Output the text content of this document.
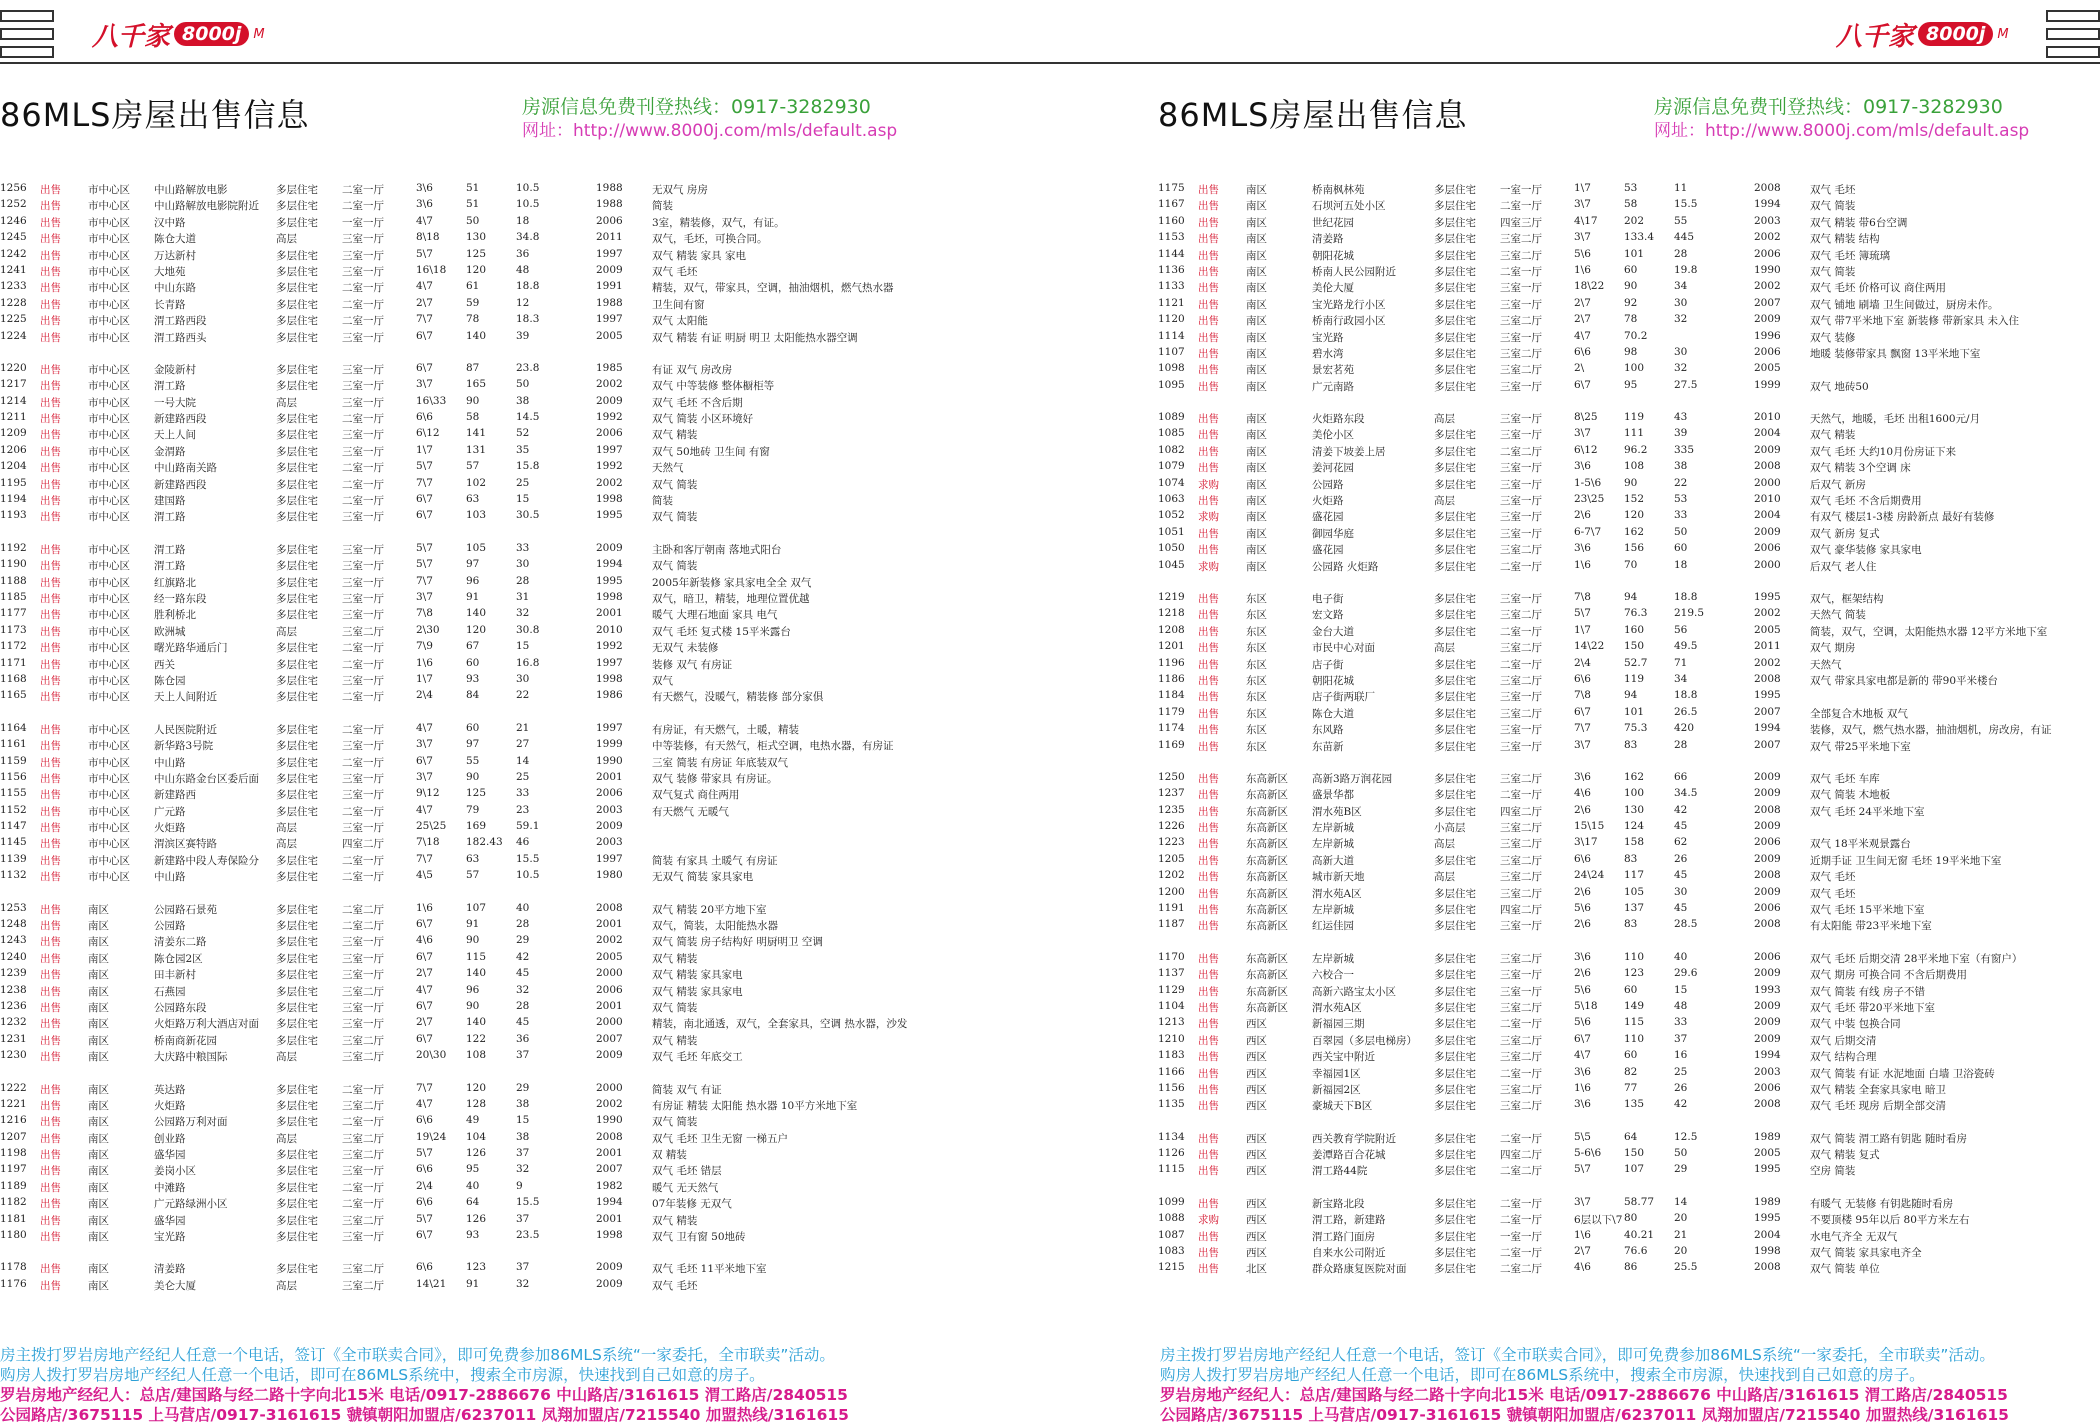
八千家 8000j M	八千家 8000j M
86MLS房屋出售信息	房源信息免费刊登热线：0917-3282930
网址：http://www.8000j.com/mls/default.asp
1256 出售	市中心区 中山路解放电影	多层住宅 二室一厅	3\6	51	10.5	1988	无双气 房房
1252 出售	市中心区 中山路解放电影院附近 多层住宅 二室一厅	3\6	51	10.5	1988	简装
1246 出售	市中心区 汉中路	多层住宅 一室一厅	4\7	50	18	2006	3室，精装修，双气，有证。
1245 出售	市中心区 陈仓大道	高层	三室一厅	8\18	130	34.8	2011	双气，毛坯，可换合同。
1242 出售	市中心区 万达新村	多层住宅 三室一厅	5\7	125	36	1997	双气 精装 家具 家电
1241 出售	市中心区 大地苑	多层住宅 三室一厅	16\18 120	48	2009	双气 毛坯
1233 出售	市中心区 中山东路	多层住宅 二室一厅	4\7	61	18.8	1991	精装，双气，带家具，空调，抽油烟机，燃气热水器
1228 出售	市中心区 长青路	多层住宅 二室一厅	2\7	59	12	1988	卫生间有窗
1225 出售	市中心区 渭工路西段	多层住宅 二室一厅	7\7	78	18.3	1997	双气 太阳能
1224 出售	市中心区 渭工路西头	多层住宅 三室一厅	6\7	140	39	2005	双气 精装 有证 明厨 明卫 太阳能热水器空调
1220 出售	市中心区 金陵新村	多层住宅 三室一厅	6\7	87	23.8	1985	有证 双气 房改房
1217 出售	市中心区 渭工路	多层住宅 三室一厅	3\7	165	50	2002	双气 中等装修 整体橱柜等
1214 出售	市中心区 一号大院	高层	三室一厅	16\33 90	38	2009	双气 毛坯 不含后期
1211 出售	市中心区 新建路西段	多层住宅 二室一厅	6\6	58	14.5	1992	双气 简装 小区环境好
1209 出售	市中心区 天上人间	多层住宅 三室一厅	6\12	141	52	2006	双气 精装
1206 出售	市中心区 金渭路	多层住宅 三室一厅	1\7	131	35	1997	双气 50地砖 卫生间 有窗
1204 出售	市中心区 中山路南关路	多层住宅 二室一厅	5\7	57	15.8	1992	天然气
1195 出售	市中心区 新建路西段	多层住宅 二室一厅	7\7	102	25	2002	双气 简装
1194 出售	市中心区 建国路	多层住宅 二室一厅	6\7	63	15	1998	简装
1193 出售	市中心区 渭工路	多层住宅 三室一厅	6\7	103	30.5	1995	双气 简装
1192 出售	市中心区 渭工路	多层住宅 三室一厅	5\7	105	33	2009	主卧和客厅朝南 落地式阳台
1190 出售	市中心区 渭工路	多层住宅 三室一厅	5\7	97	30	1994	双气 简装
1188 出售	市中心区 红旗路北	多层住宅 三室一厅	7\7	96	28	1995	2005年新装修 家具家电全全 双气
1185 出售	市中心区 经一路东段	多层住宅 三室一厅	3\7	91	31	1998	双气，暗卫，精装，地理位置优越
1177 出售	市中心区 胜利桥北	多层住宅 三室一厅	7\8	140	32	2001	暖气 大理石地面 家具 电气
1173 出售	市中心区 欧洲城	高层	三室二厅	2\30	120	30.8	2010	双气 毛坯 复式楼 15平米露台
1172 出售	市中心区 曙光路华通后门	多层住宅 二室一厅	7\9	67	15	1992	无双气 未装修
1171 出售	市中心区 西关	多层住宅 二室一厅	1\6	60	16.8	1997	装修 双气 有房证
1168 出售	市中心区 陈仓园	多层住宅 三室一厅	1\7	93	30	1998	双气
1165 出售	市中心区 天上人间附近	多层住宅 二室一厅	2\4	84	22	1986	有天燃气，没暖气，精装修 部分家俱
1164 出售	市中心区 人民医院附近	多层住宅 二室一厅	4\7	60	21	1997	有房证，有天燃气，土暖，精装
1161 出售	市中心区 新华路3号院	多层住宅 三室一厅	3\7	97	27	1999	中等装修，有天然气，柜式空调，电热水器，有房证
1159 出售	市中心区 中山路	多层住宅 二室一厅	6\7	55	14	1990	三室 简装 有房证 年底装双气
1156 出售	市中心区 中山东路金台区委后面 多层住宅 三室一厅	3\7	90	25	2001	双气 装修 带家具 有房证。
1155 出售	市中心区 新建路西	多层住宅 三室一厅	9\12	125	33	2006	双气复式 商住两用
1152 出售	市中心区 广元路	多层住宅 二室一厅	4\7	79	23	2003	有天燃气 无暖气
1147 出售	市中心区 火炬路	高层	三室一厅	25\25 169	59.1	2009
1145 出售	市中心区 渭滨区赛特路	高层	四室二厅	7\18	182.43 46	2003
1139 出售	市中心区 新建路中段人寿保险分 多层住宅 二室一厅	7\7	63	15.5	1997	简装 有家具 土暖气 有房证
1132 出售	市中心区 中山路	多层住宅 二室一厅	4\5	57	10.5	1980	无双气 简装 家具家电
1253 出售	南区	公园路石景苑	多层住宅 二室二厅	1\6	107	40	2008	双气 精装 20平方地下室
1248 出售	南区	公园路	多层住宅 二室二厅	6\7	91	28	2001	双气，简装，太阳能热水器
1243 出售	南区	清姜东二路	多层住宅 三室一厅	4\6	90	29	2002	双气 简装 房子结构好 明厨明卫 空调
1240 出售	南区	陈仓园2区	多层住宅 三室一厅	6\7	115	42	2005	双气 精装
1239 出售	南区	田丰新村	多层住宅 三室一厅	2\7	140	45	2000	双气 精装 家具家电
1238 出售	南区	石燕园	多层住宅 三室二厅	4\7	96	32	2006	双气 精装 家具家电
1236 出售	南区	公园路东段	多层住宅 三室一厅	6\7	90	28	2001	双气 简装
1232 出售	南区	火炬路万利大酒店对面 多层住宅 三室一厅	2\7	140	45	2000	精装，南北通透，双气，全套家具，空调 热水器，沙发
1231 出售	南区	桥南商新花园	多层住宅 三室二厅	6\7	122	36	2007	双气 精装
1230 出售	南区	大庆路中粮国际	高层	三室二厅	20\30 108	37	2009	双气 毛坯 年底交工
1222 出售	南区	英达路	多层住宅 二室一厅	7\7	120	29	2000	简装 双气 有证
1221 出售	南区	火炬路	多层住宅 三室二厅	4\7	128	38	2002	有房证 精装 太阳能 热水器 10平方米地下室
1216 出售	南区	公园路万利对面	多层住宅 二室一厅	6\6	49	15	1990	双气 简装
1207 出售	南区	创业路	高层	三室二厅	19\24 104	38	2008	双气 毛坯 卫生无窗 一梯五户
1198 出售	南区	盛华园	多层住宅 三室二厅	5\7	126	37	2001	双 精装
1197 出售	南区	姜岗小区	多层住宅 三室一厅	6\6	95	32	2007	双气 毛坯 错层
1189 出售	南区	中滩路	多层住宅 二室一厅	2\4	40	9	1982	暖气 无天然气
1182 出售	南区	广元路绿洲小区	多层住宅 二室一厅	6\6	64	15.5	1994	07年装修 无双气
1181 出售	南区	盛华园	多层住宅 三室二厅	5\7	126	37	2001	双气 精装
1180 出售	南区	宝光路	多层住宅 三室一厅	6\7	93	23.5	1998	双气 卫有窗 50地砖
1178 出售	南区	清姜路	多层住宅 三室二厅	6\6	123	37	2009	双气 毛坯 11平米地下室
1176 出售	南区	美仑大厦	高层	三室二厅	14\21 91	32	2009	双气 毛坯
86MLS房屋出售信息	房源信息免费刊登热线：0917-3282930
网址：http://www.8000j.com/mls/default.asp
1175 出售	南区	桥南枫林苑	多层住宅 一室一厅	1\7	53	11	2008	双气 毛坯
1167 出售	南区	石坝河五处小区	多层住宅 二室一厅	3\7	58	15.5	1994	双气 简装
1160 出售	南区	世纪花园	多层住宅 四室三厅	4\17	202	55	2003	双气 精装 带6台空调
1153 出售	南区	清姜路	多层住宅 三室二厅	3\7	133.4 445	2002	双气 精装 结构
1144 出售	南区	朝阳花城	多层住宅 三室二厅	5\6	101	28	2006	双气 毛坯 簿琉璃
1136 出售	南区	桥南人民公园附近	多层住宅 二室一厅	1\6	60	19.8	1990	双气 简装
1133 出售	南区	美伦大厦	多层住宅 三室一厅	18\22 90	34	2002	双气 毛坯 价格可议 商住两用
1121 出售	南区	宝光路龙行小区	多层住宅 三室一厅	2\7	92	30	2007	双气 铺地 刷墙 卫生间做过，厨房未作。
1120 出售	南区	桥南行政园小区	多层住宅 三室二厅	2\7	78	32	2009	双气 带7平米地下室 新装修 带新家具 未入住
1114 出售	南区	宝光路	多层住宅 三室一厅	4\7	70.2	1996	双气 装修
1107 出售	南区	碧水湾	多层住宅 三室二厅	6\6	98	30	2006	地暖 装修带家具 飘窗 13平米地下室
1098 出售	南区	景宏茗苑	多层住宅 三室二厅	2\	100	32	2005
1095 出售	南区	广元南路	多层住宅 三室一厅	6\7	95	27.5	1999	双气 地砖50
1089 出售	南区	火炬路东段	高层	三室一厅	8\25	119	43	2010	天然气，地暖，毛坯 出租1600元/月
1085 出售	南区	美伦小区	多层住宅 三室一厅	3\7	111	39	2004	双气 精装
1082 出售	南区	清姜下坡姜上居	多层住宅 二室二厅	6\12	96.2	335	2009	双气 毛坯 大约10月份房证下来
1079 出售	南区	姜河花园	多层住宅 三室一厅	3\6	108	38	2008	双气 精装 3个空调 床
1074 求购	南区	公园路	多层住宅 三室一厅	1-5\6 90	22	2000	后双气 新房
1063 出售	南区	火炬路	高层	三室一厅	23\25 152	53	2010	双气 毛坯 不含后期费用
1052 求购	南区	盛花园	多层住宅 三室一厅	2\6	120	33	2004	有双气 楼层1-3楼 房龄新点 最好有装修
1051 出售	南区	御园华庭	多层住宅 三室一厅	6-7\7 162	50	2009	双气 新房 复式
1050 出售	南区	盛花园	多层住宅 三室二厅	3\6	156	60	2006	双气 豪华装修 家具家电
1045 求购	南区	公园路 火炬路	多层住宅 二室一厅	1\6	70	18	2000	后双气 老人住
1219 出售	东区	电子街	多层住宅 三室一厅	7\8	94	18.8	1995	双气，框架结构
1218 出售	东区	宏文路	多层住宅 三室二厅	5\7	76.3	219.5	2002	天然气 简装
1208 出售	东区	金台大道	多层住宅 二室一厅	1\7	160	56	2005	简装，双气，空调，太阳能热水器 12平方米地下室
1201 出售	东区	市民中心对面	高层	三室二厅	14\22 150	49.5	2011	双气 期房
1196 出售	东区	店子街	多层住宅 二室一厅	2\4	52.7	71	2002	天然气
1186 出售	东区	朝阳花城	多层住宅 三室二厅	6\6	119	34	2008	双气 带家具家电都是新的 带90平米楼台
1184 出售	东区	店子街两联厂	多层住宅 三室一厅	7\8	94	18.8	1995
1179 出售	东区	陈仓大道	多层住宅 三室二厅	6\7	101	26.5	2007	全部复合木地板 双气
1174 出售	东区	东风路	多层住宅 三室一厅	7\7	75.3	420	1994	装修，双气，燃气热水器，抽油烟机，房改房，有证
1169 出售	东区	东苗新	多层住宅 三室一厅	3\7	83	28	2007	双气 带25平米地下室
1250 出售	东高新区 高新3路万润花园	多层住宅 三室二厅	3\6	162	66	2009	双气 毛坯 车库
1237 出售	东高新区 盛景华都	多层住宅 二室一厅	4\6	100	34.5	2009	双气 简装 木地板
1235 出售	东高新区 渭水苑B区	多层住宅 四室二厅	2\6	130	42	2008	双气 毛坯 24平米地下室
1226 出售	东高新区 左岸新城	小高层	三室二厅	15\15 124	45	2009
1223 出售	东高新区 左岸新城	高层	三室二厅	3\17	158	62	2006	双气 18平米观景露台
1205 出售	东高新区 高新大道	多层住宅 三室二厅	6\6	83	26	2009	近期手证 卫生间无窗 毛坯 19平米地下室
1202 出售	东高新区 城市新天地	高层	三室二厅	24\24 117	45	2008	双气 毛坯
1200 出售	东高新区 渭水苑A区	多层住宅 三室二厅	2\6	105	30	2009	双气 毛坯
1191 出售	东高新区 左岸新城	多层住宅 四室二厅	5\6	137	45	2006	双气 毛坯 15平米地下室
1187 出售	东高新区 红运佳园	多层住宅 三室一厅	2\6	83	28.5	2008	有太阳能 带23平米地下室
1170 出售	东高新区 左岸新城	多层住宅 三室二厅	3\6	110	40	2006	双气 毛坯 后期交清 28平米地下室（有窗户）
1137 出售	东高新区 六校合一	多层住宅 三室一厅	2\6	123	29.6	2009	双气 期房 可换合同 不含后期费用
1129 出售	东高新区 高新六路宝太小区	多层住宅 三室一厅	5\6	60	15	1993	双气 简装 有线 房子不错
1104 出售	东高新区 渭水苑A区	多层住宅 三室二厅	5\18	149	48	2009	双气 毛坯 带20平米地下室
1213 出售	西区	新福园三期	多层住宅 二室一厅	5\6	115	33	2009	双气 中装 包换合同
1210 出售	西区	百翠园（多层电梯房） 多层住宅 三室二厅	6\7	110	37	2009	双气 后期交清
1183 出售	西区	西关宝中附近	多层住宅 三室二厅	4\7	60	16	1994	双气 结构合理
1166 出售	西区	幸福园1区	多层住宅 二室一厅	3\6	82	25	2003	双气 简装 有证 水泥地面 白墙 卫浴瓷砖
1156 出售	西区	新福园2区	多层住宅 三室二厅	1\6	77	26	2006	双气 精装 全套家具家电 暗卫
1135 出售	西区	豪城天下B区	多层住宅 三室二厅	3\6	135	42	2008	双气 毛坯 现房 后期全部交清
1134 出售	西区	西关教育学院附近	多层住宅 二室一厅	5\5	64	12.5	1989	双气 简装 渭工路有钥匙 随时看房
1126 出售	西区	姜潭路百合花城	多层住宅 四室二厅	5-6\6 150	50	2005	双气 精装 复式
1115 出售	西区	渭工路44院	多层住宅 二室二厅	5\7	107	29	1995	空房 简装
1099 出售	西区	新宝路北段	多层住宅 二室一厅	3\7	58.77 14	1989	有暖气 无装修 有钥匙随时看房
1088 求购	西区	渭工路，新建路	多层住宅 二室一厅	6层以下\7 80	20	1995	不要顶楼 95年以后 80平方米左右
1087 出售	西区	渭工路门面房	多层住宅 一室一厅	1\6	40.21 21	2004	水电气齐全 无双气
1083 出售	西区	自来水公司附近	多层住宅 二室一厅	2\7	76.6	20	1998	双气 简装 家具家电齐全
1215 出售	北区	群众路康复医院对面	多层住宅 二室二厅	4\6	86	25.5	2008	双气 简装 单位
房主拨打罗岩房地产经纪人任意一个电话，签订《全市联卖合同》，即可免费参加86MLS系统“一家委托，全市联卖”活动。
购房人拨打罗岩房地产经纪人任意一个电话，即可在86MLS系统中，搜索全市房源，快速找到自己如意的房子。
罗岩房地产经纪人：总店/建国路与经二路十字向北15米 电话/0917-2886676 中山路店/3161615 渭工路店/2840515
公园路店/3675115 上马营店/0917-3161615 虢镇朝阳加盟店/6237011 凤翔加盟店/7215540 加盟热线/3161615
房主拨打罗岩房地产经纪人任意一个电话，签订《全市联卖合同》，即可免费参加86MLS系统“一家委托，全市联卖”活动。
购房人拨打罗岩房地产经纪人任意一个电话，即可在86MLS系统中，搜索全市房源，快速找到自己如意的房子。
罗岩房地产经纪人：总店/建国路与经二路十字向北15米 电话/0917-2886676 中山路店/3161615 渭工路店/2840515
公园路店/3675115 上马营店/0917-3161615 虢镇朝阳加盟店/6237011 凤翔加盟店/7215540 加盟热线/3161615
